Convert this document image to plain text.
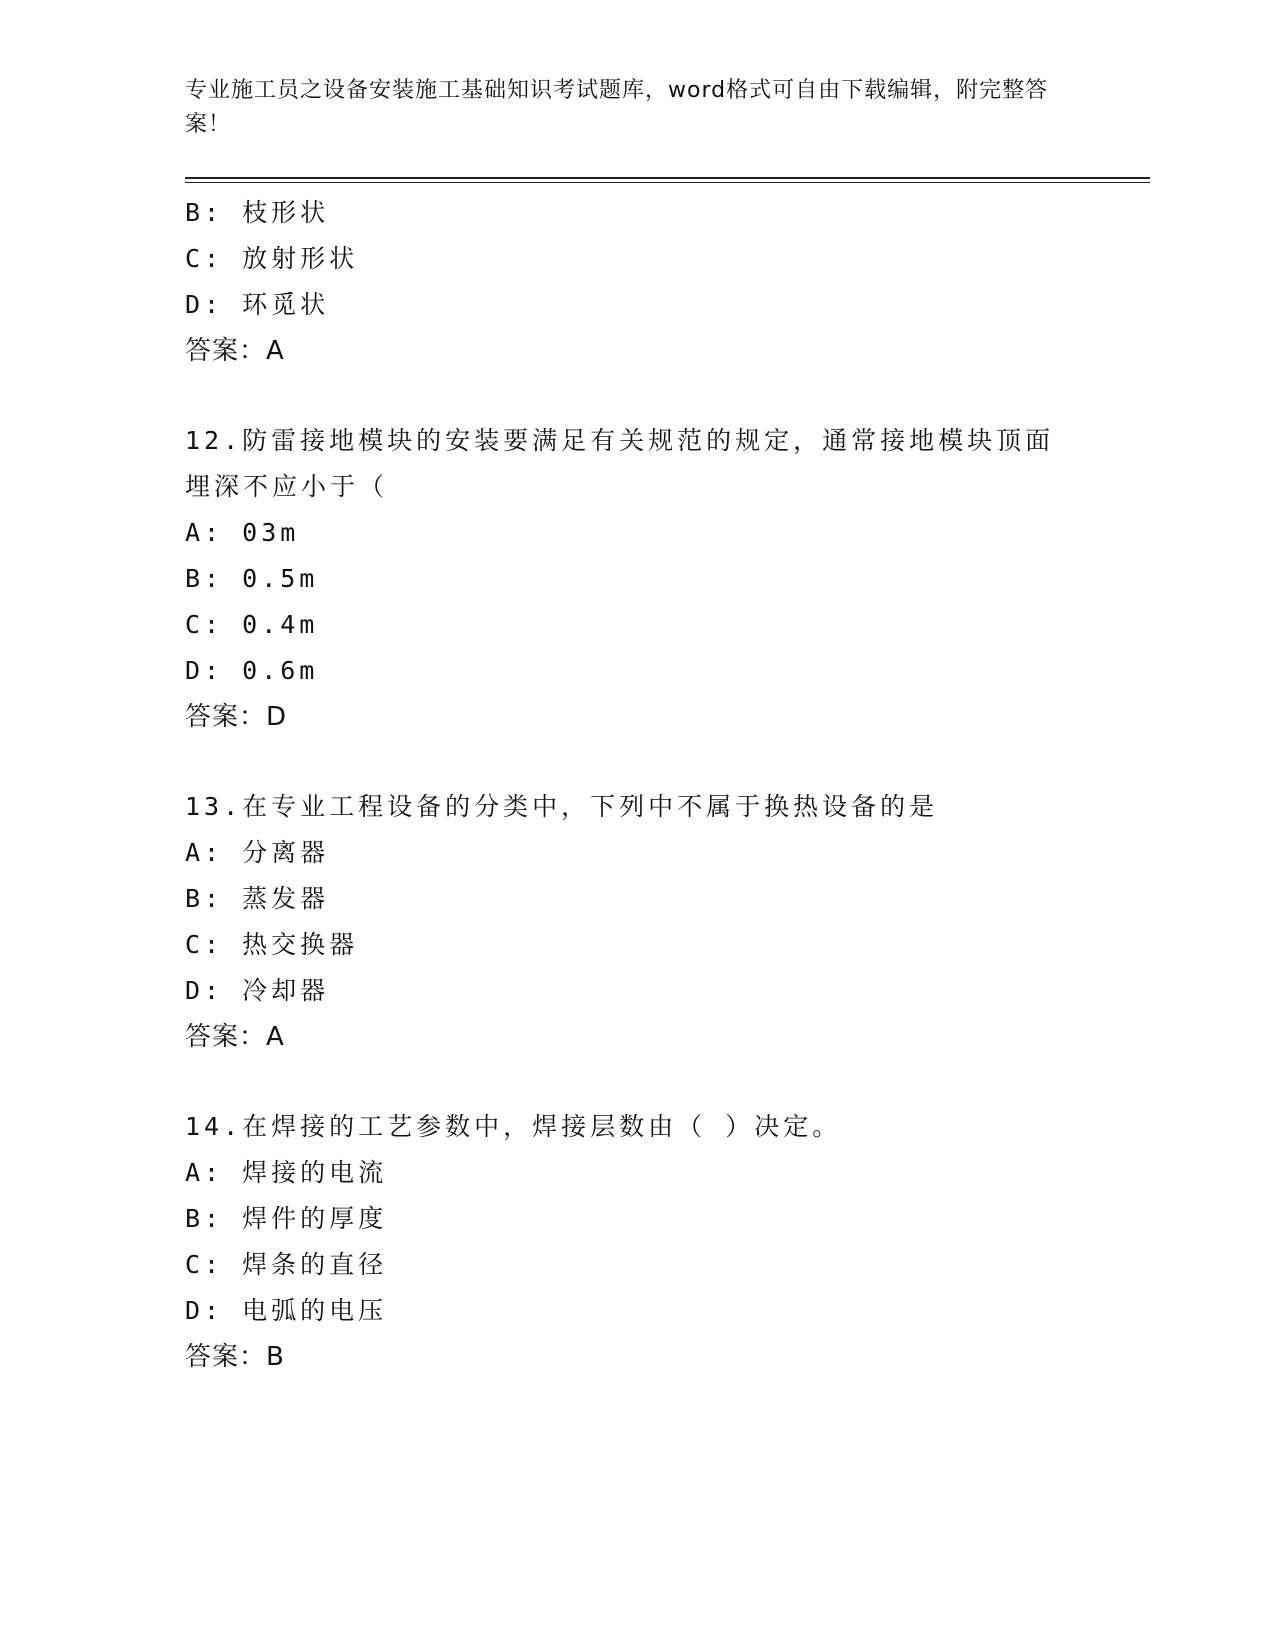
专业施工员之设备安装施工基础知识考试题库，word格式可自由下载编辑，附完整答案！
B: 枝形状
C: 放射形状
D: 环觅状
答案：A
12.防雷接地模块的安装要满足有关规范的规定，通常接地模块顶面埋深不应小于（
A: 03m
B: 0.5m
C: 0.4m
D: 0.6m
答案：D
13.在专业工程设备的分类中，下列中不属于换热设备的是
A: 分离器
B: 蒸发器
C: 热交换器
D: 冷却器
答案：A
14.在焊接的工艺参数中，焊接层数由（ ）决定。
A: 焊接的电流
B: 焊件的厚度
C: 焊条的直径
D: 电弧的电压
答案：B
